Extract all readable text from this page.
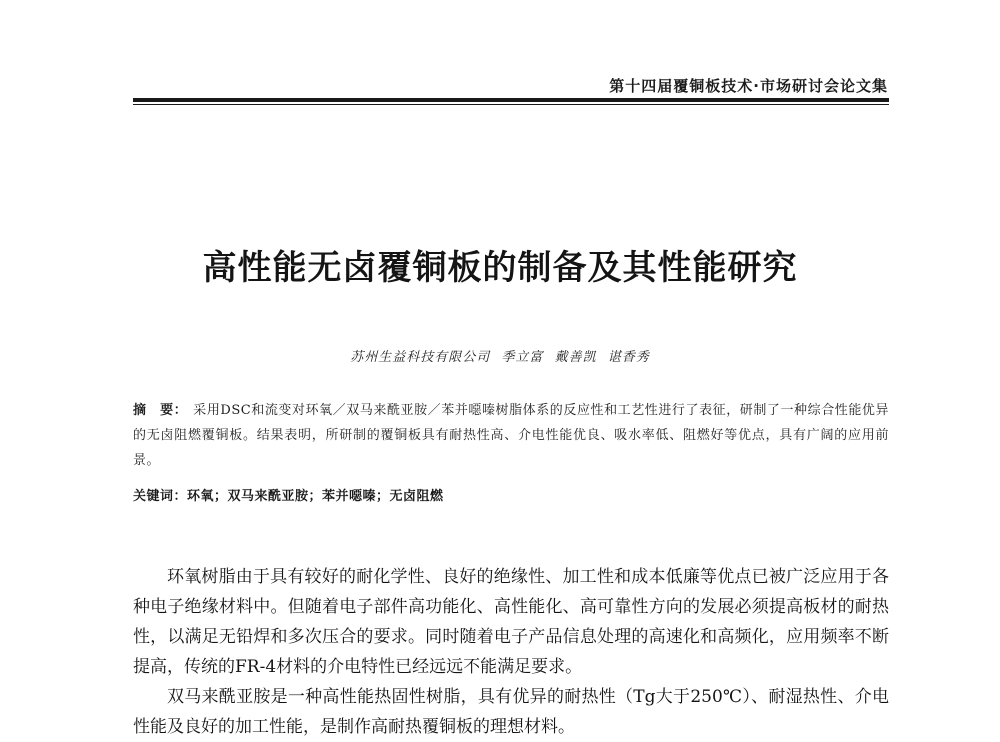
第十四届覆铜板技术·市场研讨会论文集
高性能无卤覆铜板的制备及其性能研究
苏州生益科技有限公司 季立富 戴善凯 谌香秀
摘　要： 采用DSC和流变对环氧／双马来酰亚胺／苯并噁嗪树脂体系的反应性和工艺性进行了表征，研制了一种综合性能优异的无卤阻燃覆铜板。结果表明，所研制的覆铜板具有耐热性高、介电性能优良、吸水率低、阻燃好等优点，具有广阔的应用前景。
关键词：环氧；双马来酰亚胺；苯并噁嗪；无卤阻燃

环氧树脂由于具有较好的耐化学性、良好的绝缘性、加工性和成本低廉等优点已被广泛应用于各种电子绝缘材料中。但随着电子部件高功能化、高性能化、高可靠性方向的发展必须提高板材的耐热性，以满足无铅焊和多次压合的要求。同时随着电子产品信息处理的高速化和高频化，应用频率不断提高，传统的FR-4材料的介电特性已经远远不能满足要求。

双马来酰亚胺是一种高性能热固性树脂，具有优异的耐热性（Tg大于250℃）、耐湿热性、介电性能及良好的加工性能，是制作高耐热覆铜板的理想材料。
